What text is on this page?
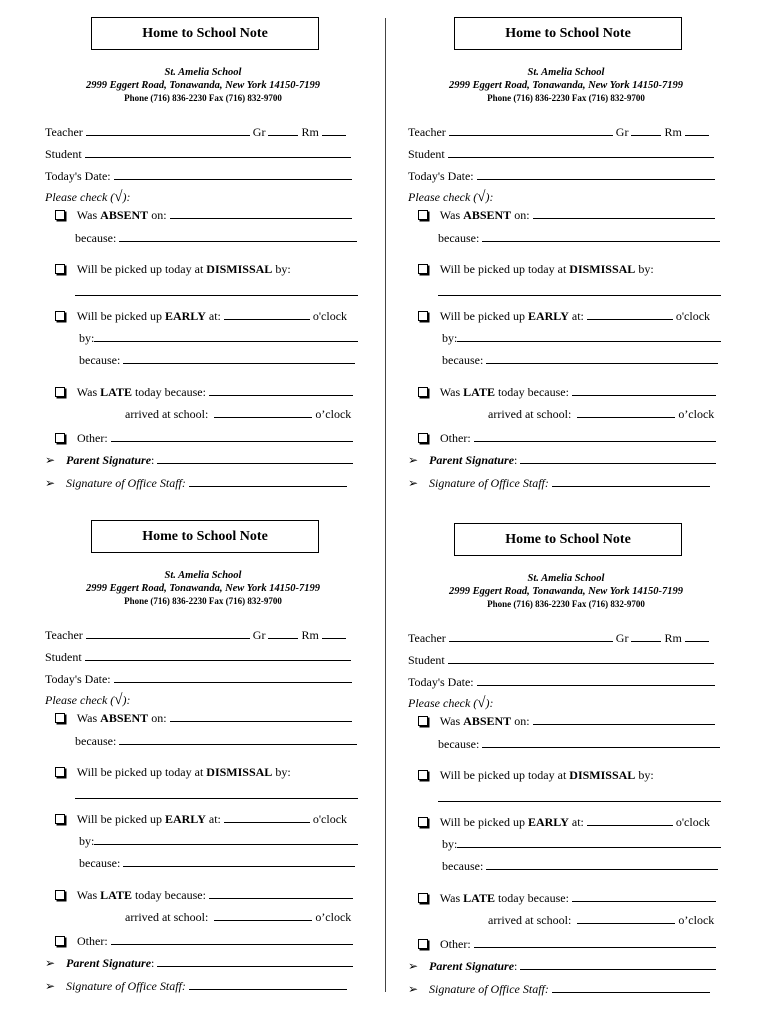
Home to School Note
St. Amelia School
2999 Eggert Road, Tonawanda, New York 14150-7199
Phone (716) 836-2230 Fax (716) 832-9700
Teacher	Gr	Rm
Student
Today's Date:
Please check (√):
Was ABSENT on:
because:
Will be picked up today at DISMISSAL by:
Will be picked up EARLY at:	o'clock
by:
because:
Was LATE today because:
arrived at school:	o’clock
Other:
➢ Parent Signature:
➢ Signature of Office Staff:
Home to School Note
St. Amelia School
2999 Eggert Road, Tonawanda, New York 14150-7199
Phone (716) 836-2230 Fax (716) 832-9700
Teacher	Gr	Rm
Student
Today's Date:
Please check (√):
Was ABSENT on:
because:
Will be picked up today at DISMISSAL by:
Will be picked up EARLY at:	o'clock
by:
because:
Was LATE today because:
arrived at school:	o’clock
Other:
➢ Parent Signature:
➢ Signature of Office Staff:
Home to School Note
St. Amelia School
2999 Eggert Road, Tonawanda, New York 14150-7199
Phone (716) 836-2230 Fax (716) 832-9700
Teacher	Gr	Rm
Student
Today's Date:
Please check (√):
Was ABSENT on:
because:
Will be picked up today at DISMISSAL by:
Will be picked up EARLY at:	o'clock
by:
because:
Was LATE today because:
arrived at school:	o’clock
Other:
➢ Parent Signature:
➢ Signature of Office Staff:
Home to School Note
St. Amelia School
2999 Eggert Road, Tonawanda, New York 14150-7199
Phone (716) 836-2230 Fax (716) 832-9700
Teacher	Gr	Rm
Student
Today's Date:
Please check (√):
Was ABSENT on:
because:
Will be picked up today at DISMISSAL by:
Will be picked up EARLY at:	o'clock
by:
because:
Was LATE today because:
arrived at school:	o’clock
Other:
➢ Parent Signature:
➢ Signature of Office Staff:
